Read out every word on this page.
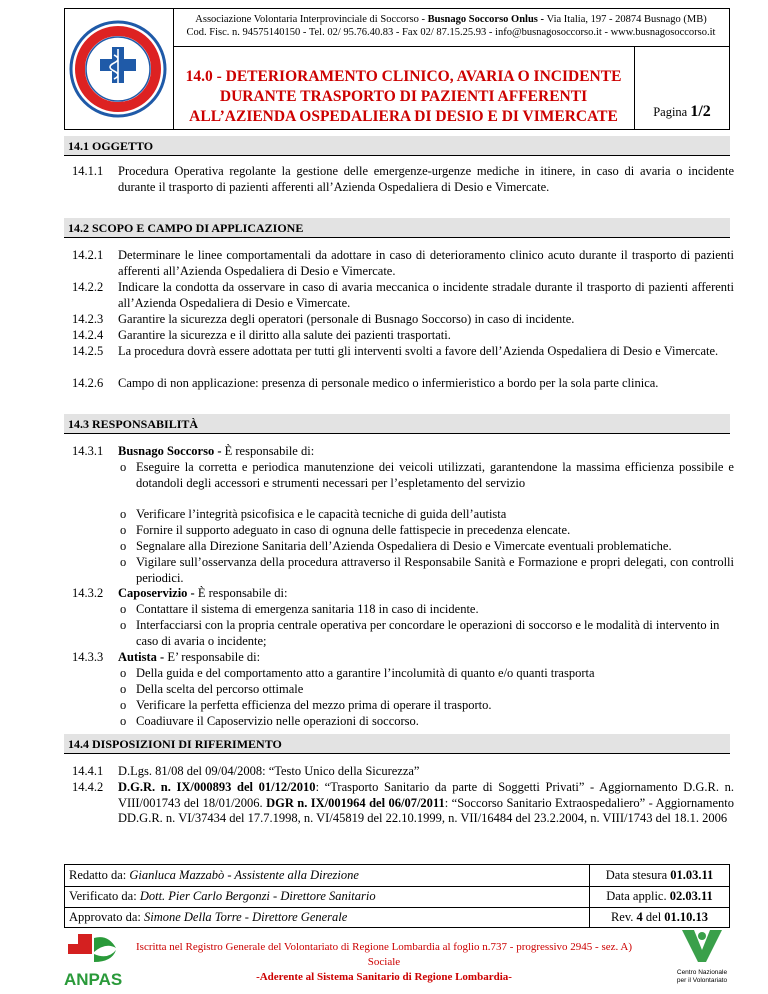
Associazione Volontaria Interprovinciale di Soccorso - Busnago Soccorso Onlus - Via Italia, 197 - 20874 Busnago (MB)
Cod. Fisc. n. 94575140150 - Tel. 02/ 95.76.40.83 - Fax 02/ 87.15.25.93 - info@busnagosoccorso.it - www.busnagosoccorso.it
14.0 - DETERIORAMENTO CLINICO, AVARIA O INCIDENTE
DURANTE TRASPORTO DI PAZIENTI AFFERENTI
ALL’AZIENDA OSPEDALIERA DI DESIO E DI VIMERCATE	Pagina 1/2
14.1 OGGETTO
14.1.1	Procedura Operativa regolante la gestione delle emergenze-urgenze mediche in itinere, in caso di avaria o incidente durante il trasporto di pazienti afferenti all’Azienda Ospedaliera di Desio e Vimercate.
14.2 SCOPO E CAMPO DI APPLICAZIONE
14.2.1	Determinare le linee comportamentali da adottare in caso di deterioramento clinico acuto durante il trasporto di pazienti afferenti all’Azienda Ospedaliera di Desio e Vimercate.
14.2.2	Indicare la condotta da osservare in caso di avaria meccanica o incidente stradale durante il trasporto di pazienti afferenti all’Azienda Ospedaliera di Desio e Vimercate.
14.2.3	Garantire la sicurezza degli operatori (personale di Busnago Soccorso) in caso di incidente.
14.2.4	Garantire la sicurezza e il diritto alla salute dei pazienti trasportati.
14.2.5	La procedura dovrà essere adottata per tutti gli interventi svolti a favore dell’Azienda Ospedaliera di Desio e Vimercate.
14.2.6	Campo di non applicazione: presenza di personale medico o infermieristico a bordo per la sola parte clinica.
14.3 RESPONSABILITÀ
14.3.1	Busnago Soccorso - È responsabile di:
o Eseguire la corretta e periodica manutenzione dei veicoli utilizzati, garantendone la massima efficienza possibile e dotandoli degli accessori e strumenti necessari per l’espletamento del servizio
o Verificare l’integrità psicofisica e le capacità tecniche di guida dell’autista
o Fornire il supporto adeguato in caso di ognuna delle fattispecie in precedenza elencate.
o Segnalare alla Direzione Sanitaria dell’Azienda Ospedaliera di Desio e Vimercate eventuali problematiche.
o Vigilare sull’osservanza della procedura attraverso il Responsabile Sanità e Formazione e propri delegati, con controlli periodici.
14.3.2	Caposervizio - È responsabile di:
o Contattare il sistema di emergenza sanitaria 118 in caso di incidente.
o Interfacciarsi con la propria centrale operativa per concordare le operazioni di soccorso e le modalità di intervento in caso di avaria o incidente;
14.3.3	Autista - E’ responsabile di:
o Della guida e del comportamento atto a garantire l’incolumità di quanto e/o quanti trasporta
o Della scelta del percorso ottimale
o Verificare la perfetta efficienza del mezzo prima di operare il trasporto.
o Coadiuvare il Caposervizio nelle operazioni di soccorso.
14.4 DISPOSIZIONI DI RIFERIMENTO
14.4.1	D.Lgs. 81/08 del 09/04/2008: “Testo Unico della Sicurezza”
14.4.2	D.G.R. n. IX/000893 del 01/12/2010: “Trasporto Sanitario da parte di Soggetti Privati” - Aggiornamento D.G.R. n. VIII/001743 del 18/01/2006. DGR n. IX/001964 del 06/07/2011: “Soccorso Sanitario Extraospedaliero” - Aggiornamento DD.G.R. n. VI/37434 del 17.7.1998, n. VI/45819 del 22.10.1999, n. VII/16484 del 23.2.2004, n. VIII/1743 del 18.1. 2006
Redatto da: Gianluca Mazzabò - Assistente alla Direzione	Data stesura 01.03.11
Verificato da: Dott. Pier Carlo Bergonzi - Direttore Sanitario	Data applic. 02.03.11
Approvato da: Simone Della Torre - Direttore Generale	Rev. 4 del 01.10.13
ANPAS
Iscritta nel Registro Generale del Volontariato di Regione Lombardia al foglio n.737 - progressivo 2945 - sez. A) Sociale
-Aderente al Sistema Sanitario di Regione Lombardia-	Centro Nazionale
per il Volontariato
